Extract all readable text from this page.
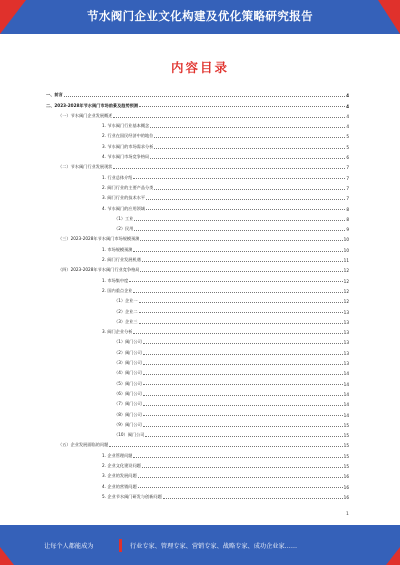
节水阀门企业文化构建及优化策略研究报告
内容目录
一、前言	4
二、2023-2028年节水阀门市场前景及趋势预测	4
（一）节水阀门企业发展概述	4
1. 节水阀门行业基本概念	4
2. 行业在国民经济中的地位	5
3. 节水阀门的市场需求分析	5
4. 节水阀门市场竞争格局	6
（二）节水阀门行业发展现状	7
1. 行业总体介绍	7
2. 阀门行业的主要产品分类	7
3. 阀门行业的技术水平	7
4. 节水阀门的应用领域	8
（1）工业	8
（2）民用	9
（三）2023-2028年节水阀门市场规模预测	10
1. 市场规模预测	10
2. 阀门行业发展机遇	11
（四）2023-2028年节水阀门行业竞争格局	12
1. 市场集中度	12
2. 国内重点企业	12
（1）企业一	12
（2）企业二	13
（3）企业三	13
3. 阀门企业分析	13
（1）阀门公司	13
（2）阀门公司	13
（3）阀门公司	13
（4）阀门公司	14
（5）阀门公司	14
（6）阀门公司	14
（7）阀门公司	14
（8）阀门公司	14
（9）阀门公司	15
（10）阀门公司	15
（五）企业发展面临的问题	15
1. 企业管理问题	15
2. 企业文化建设问题	15
3. 企业的发展问题	16
4. 企业的营销问题	16
5. 企业节水阀门研发与创新问题	16
1
让每个人都能成为	行业专家、管理专家、营销专家、战略专家、成功企业家……
